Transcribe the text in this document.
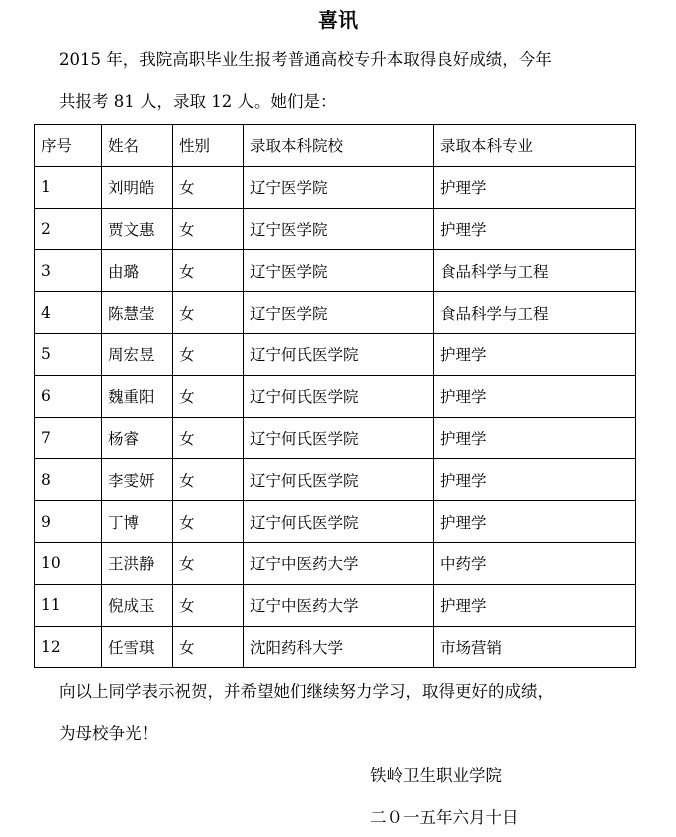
喜讯
2015 年，我院高职毕业生报考普通高校专升本取得良好成绩，今年
共报考 81 人，录取 12 人。她们是：
序号	姓名	性别	录取本科院校	录取本科专业
1	刘明皓	女	辽宁医学院	护理学
2	贾文惠	女	辽宁医学院	护理学
3	由璐	女	辽宁医学院	食品科学与工程
4	陈慧莹	女	辽宁医学院	食品科学与工程
5	周宏昱	女	辽宁何氏医学院	护理学
6	魏重阳	女	辽宁何氏医学院	护理学
7	杨睿	女	辽宁何氏医学院	护理学
8	李雯妍	女	辽宁何氏医学院	护理学
9	丁博	女	辽宁何氏医学院	护理学
10	王洪静	女	辽宁中医药大学	中药学
11	倪成玉	女	辽宁中医药大学	护理学
12	任雪琪	女	沈阳药科大学	市场营销
向以上同学表示祝贺，并希望她们继续努力学习，取得更好的成绩，
为母校争光！
铁岭卫生职业学院
二０一五年六月十日
